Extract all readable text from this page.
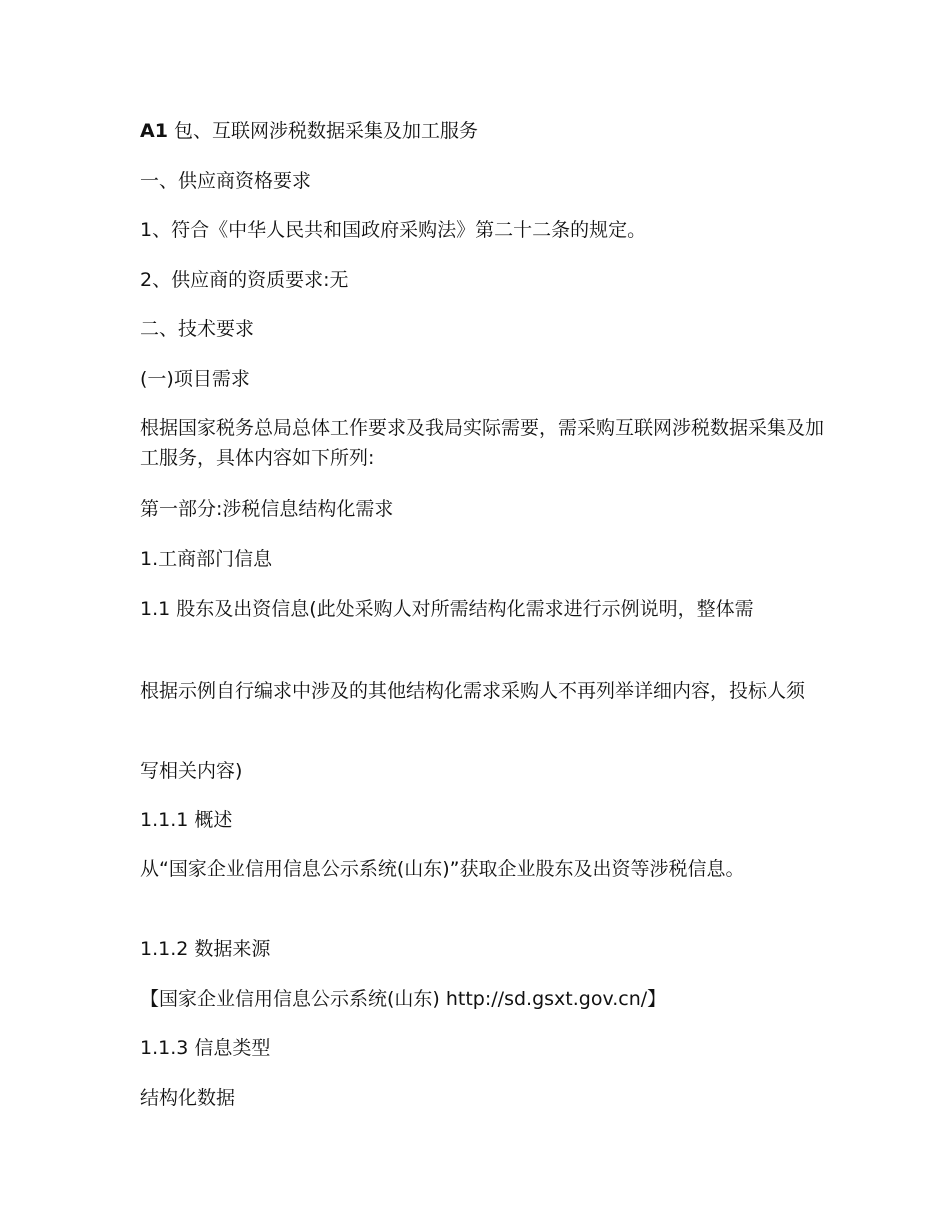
A1 包、互联网涉税数据采集及加工服务
一、供应商资格要求
1、符合《中华人民共和国政府采购法》第二十二条的规定。
2、供应商的资质要求:无
二、技术要求
(一)项目需求
根据国家税务总局总体工作要求及我局实际需要，需采购互联网涉税数据采集及加工服务，具体内容如下所列:
第一部分:涉税信息结构化需求
1.工商部门信息
1.1 股东及出资信息(此处采购人对所需结构化需求进行示例说明，整体需
根据示例自行编求中涉及的其他结构化需求采购人不再列举详细内容，投标人须
写相关内容)
1.1.1 概述
从“国家企业信用信息公示系统(山东)”获取企业股东及出资等涉税信息。
1.1.2 数据来源
【国家企业信用信息公示系统(山东) http://sd.gsxt.gov.cn/】
1.1.3 信息类型
结构化数据
